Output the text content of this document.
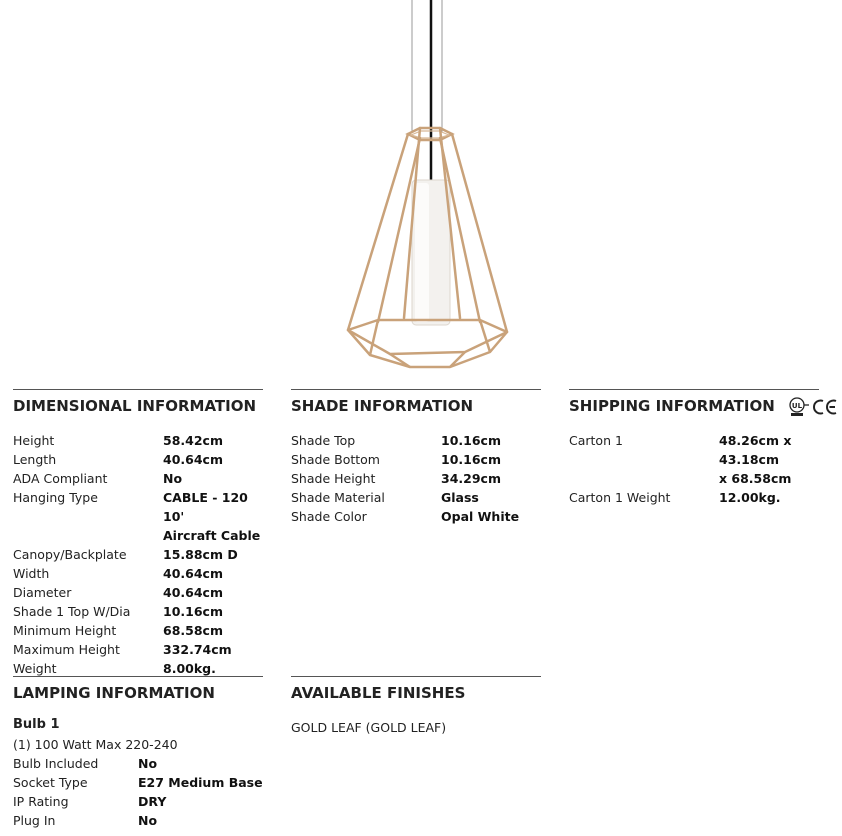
DIMENSIONAL INFORMATION
Height	58.42cm
Length	40.64cm
ADA Compliant	No
Hanging Type	CABLE - 120 10'
Aircraft Cable
Canopy/Backplate	15.88cm D
Width	40.64cm
Diameter	40.64cm
Shade 1 Top W/Dia	10.16cm
Minimum Height	68.58cm
Maximum Height	332.74cm
Weight	8.00kg.
SHADE INFORMATION
Shade Top	10.16cm
Shade Bottom	10.16cm
Shade Height	34.29cm
Shade Material	Glass
Shade Color	Opal White
SHIPPING INFORMATION UL
Carton 1	48.26cm x 43.18cm
x 68.58cm
Carton 1 Weight	12.00kg.
LAMPING INFORMATION
Bulb 1
(1) 100 Watt Max 220-240
Bulb Included	No
Socket Type	E27 Medium Base
IP Rating	DRY
Plug In	No
AVAILABLE FINISHES
GOLD LEAF (GOLD LEAF)
